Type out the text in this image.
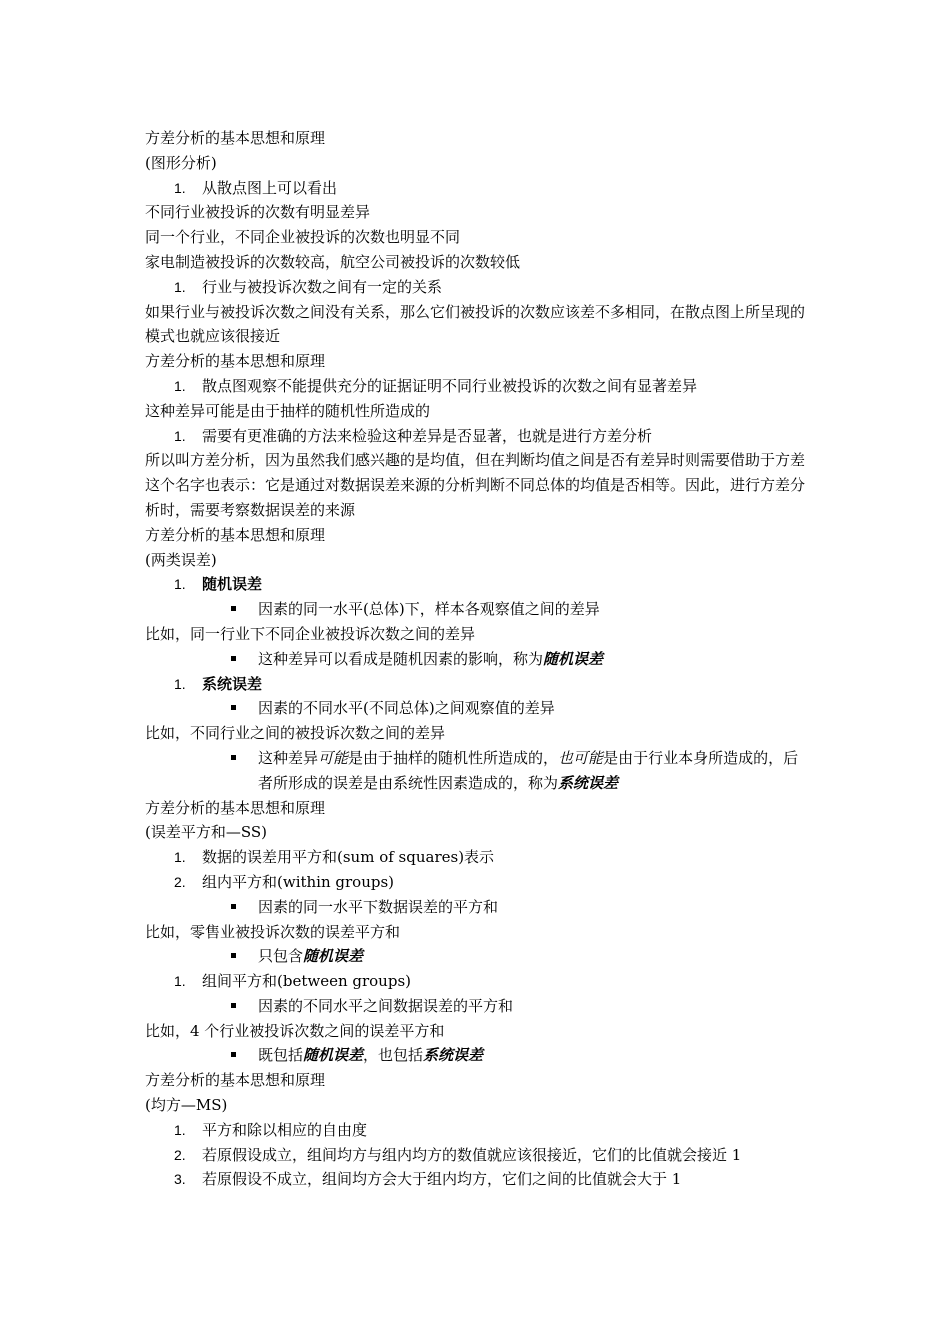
方差分析的基本思想和原理
(图形分析)
1. 从散点图上可以看出
不同行业被投诉的次数有明显差异
同一个行业，不同企业被投诉的次数也明显不同
家电制造被投诉的次数较高，航空公司被投诉的次数较低
1. 行业与被投诉次数之间有一定的关系
如果行业与被投诉次数之间没有关系，那么它们被投诉的次数应该差不多相同，在散点图上所呈现的模式也就应该很接近
方差分析的基本思想和原理
1. 散点图观察不能提供充分的证据证明不同行业被投诉的次数之间有显著差异
这种差异可能是由于抽样的随机性所造成的
1. 需要有更准确的方法来检验这种差异是否显著，也就是进行方差分析
所以叫方差分析，因为虽然我们感兴趣的是均值，但在判断均值之间是否有差异时则需要借助于方差
这个名字也表示：它是通过对数据误差来源的分析判断不同总体的均值是否相等。因此，进行方差分析时，需要考察数据误差的来源
方差分析的基本思想和原理
(两类误差)
1. 随机误差
因素的同一水平(总体)下，样本各观察值之间的差异
比如，同一行业下不同企业被投诉次数之间的差异
这种差异可以看成是随机因素的影响，称为随机误差
1. 系统误差
因素的不同水平(不同总体)之间观察值的差异
比如，不同行业之间的被投诉次数之间的差异
这种差异可能是由于抽样的随机性所造成的，也可能是由于行业本身所造成的，后者所形成的误差是由系统性因素造成的，称为系统误差
方差分析的基本思想和原理
(误差平方和—SS)
1. 数据的误差用平方和(sum of squares)表示
2. 组内平方和(within groups)
因素的同一水平下数据误差的平方和
比如，零售业被投诉次数的误差平方和
只包含随机误差
1. 组间平方和(between groups)
因素的不同水平之间数据误差的平方和
比如，4 个行业被投诉次数之间的误差平方和
既包括随机误差，也包括系统误差
方差分析的基本思想和原理
(均方—MS)
1. 平方和除以相应的自由度
2. 若原假设成立，组间均方与组内均方的数值就应该很接近，它们的比值就会接近 1
3. 若原假设不成立，组间均方会大于组内均方，它们之间的比值就会大于 1
